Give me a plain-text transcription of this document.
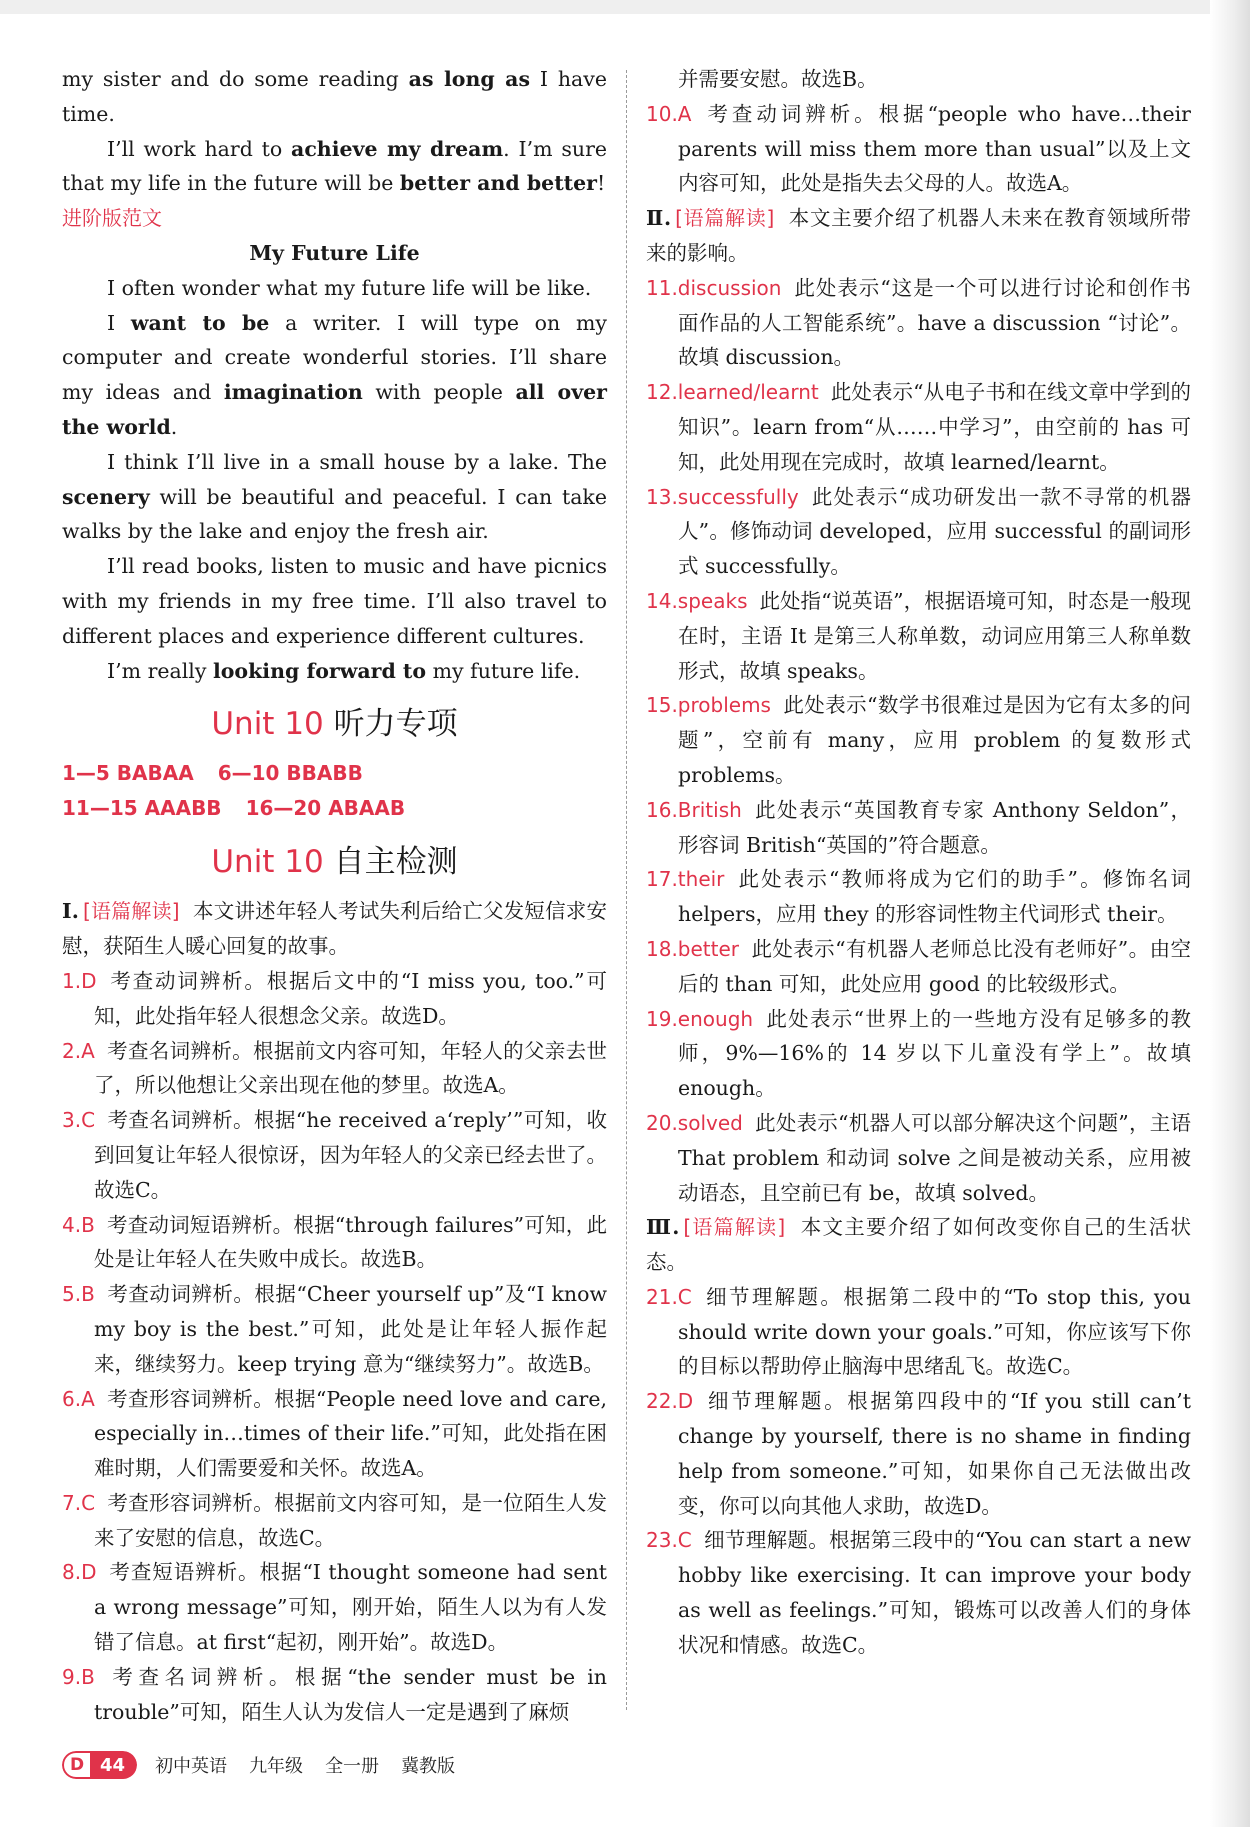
my sister and do some reading as long as I have time.

I’ll work hard to achieve my dream. I’m sure that my life in the future will be better and better!

进阶版范文

My Future Life

I often wonder what my future life will be like.

I want to be a writer. I will type on my computer and create wonderful stories. I’ll share my ideas and imagination with people all over the world.

I think I’ll live in a small house by a lake. The scenery will be beautiful and peaceful. I can take walks by the lake and enjoy the fresh air.

I’ll read books, listen to music and have picnics with my friends in my free time. I’ll also travel to different places and experience different cultures.

I’m really looking forward to my future life.

Unit 10 听力专项
1—5 BABAA 6—10 BBABB
11—15 AAABB 16—20 ABAAB
Unit 10 自主检测

Ⅰ. [语篇解读] 本文讲述年轻人考试失利后给亡父发短信求安慰，获陌生人暖心回复的故事。

1.D 考查动词辨析。根据后文中的“I miss you, too.”可知，此处指年轻人很想念父亲。故选D。

2.A 考查名词辨析。根据前文内容可知，年轻人的父亲去世了，所以他想让父亲出现在他的梦里。故选A。

3.C 考查名词辨析。根据“he received a‘reply’”可知，收到回复让年轻人很惊讶，因为年轻人的父亲已经去世了。故选C。

4.B 考查动词短语辨析。根据“through failures”可知，此处是让年轻人在失败中成长。故选B。

5.B 考查动词辨析。根据“Cheer yourself up”及“I know my boy is the best.”可知，此处是让年轻人振作起来，继续努力。keep trying 意为“继续努力”。故选B。

6.A 考查形容词辨析。根据“People need love and care, especially in…times of their life.”可知，此处指在困难时期，人们需要爱和关怀。故选A。

7.C 考查形容词辨析。根据前文内容可知，是一位陌生人发来了安慰的信息，故选C。

8.D 考查短语辨析。根据“I thought someone had sent a wrong message”可知，刚开始，陌生人以为有人发错了信息。at first“起初，刚开始”。故选D。

9.B 考查名词辨析。根据“the sender must be in trouble”可知，陌生人认为发信人一定是遇到了麻烦

并需要安慰。故选B。

10.A 考查动词辨析。根据“people who have…their parents will miss them more than usual”以及上文内容可知，此处是指失去父母的人。故选A。

Ⅱ. [语篇解读] 本文主要介绍了机器人未来在教育领域所带来的影响。

11.discussion 此处表示“这是一个可以进行讨论和创作书面作品的人工智能系统”。have a discussion “讨论”。故填 discussion。

12.learned/learnt 此处表示“从电子书和在线文章中学到的知识”。learn from“从……中学习”，由空前的 has 可知，此处用现在完成时，故填 learned/learnt。

13.successfully 此处表示“成功研发出一款不寻常的机器人”。修饰动词 developed，应用 successful 的副词形式 successfully。

14.speaks 此处指“说英语”，根据语境可知，时态是一般现在时，主语 It 是第三人称单数，动词应用第三人称单数形式，故填 speaks。

15.problems 此处表示“数学书很难过是因为它有太多的问题”，空前有 many，应用 problem 的复数形式 problems。

16.British 此处表示“英国教育专家 Anthony Seldon”，形容词 British“英国的”符合题意。

17.their 此处表示“教师将成为它们的助手”。修饰名词 helpers，应用 they 的形容词性物主代词形式 their。

18.better 此处表示“有机器人老师总比没有老师好”。由空后的 than 可知，此处应用 good 的比较级形式。

19.enough 此处表示“世界上的一些地方没有足够多的教师，9%—16%的 14 岁以下儿童没有学上”。故填 enough。

20.solved 此处表示“机器人可以部分解决这个问题”，主语 That problem 和动词 solve 之间是被动关系，应用被动语态，且空前已有 be，故填 solved。

Ⅲ. [语篇解读] 本文主要介绍了如何改变你自己的生活状态。

21.C 细节理解题。根据第二段中的“To stop this, you should write down your goals.”可知，你应该写下你的目标以帮助停止脑海中思绪乱飞。故选C。

22.D 细节理解题。根据第四段中的“If you still can’t change by yourself, there is no shame in finding help from someone.”可知，如果你自己无法做出改变，你可以向其他人求助，故选D。

23.C 细节理解题。根据第三段中的“You can start a new hobby like exercising. It can improve your body as well as feelings.”可知，锻炼可以改善人们的身体状况和情感。故选C。

D 44	初中英语 九年级 全一册 冀教版
